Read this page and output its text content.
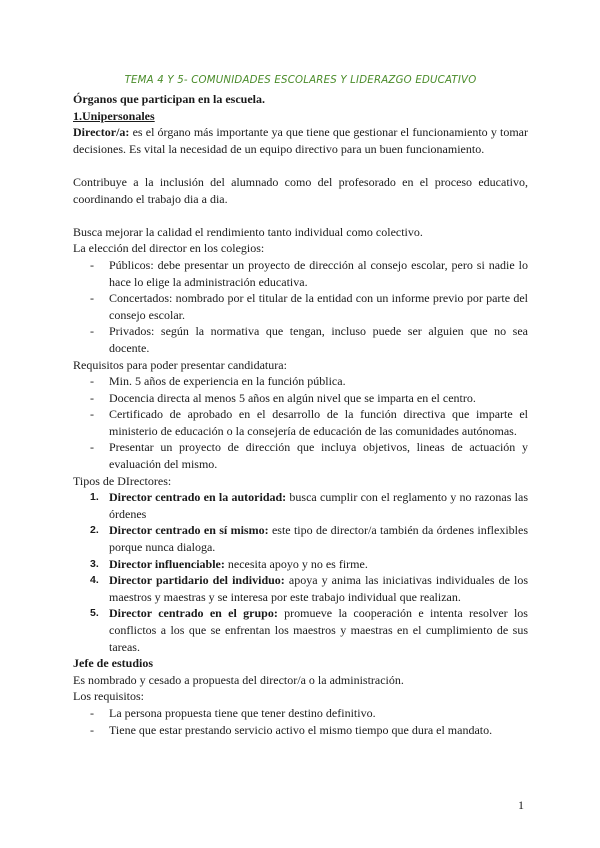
TEMA 4 Y 5- COMUNIDADES ESCOLARES Y LIDERAZGO EDUCATIVO

Órganos que participan en la escuela.

1.Unipersonales

Director/a: es el órgano más importante ya que tiene que gestionar el funcionamiento y tomar decisiones. Es vital la necesidad de un equipo directivo para un buen funcionamiento.

Contribuye a la inclusión del alumnado como del profesorado en el proceso educativo, coordinando el trabajo dia a dia.

Busca mejorar la calidad el rendimiento tanto individual como colectivo.

La elección del director en los colegios:

- Públicos: debe presentar un proyecto de dirección al consejo escolar, pero si nadie lo hace lo elige la administración educativa.
- Concertados: nombrado por el titular de la entidad con un informe previo por parte del consejo escolar.
- Privados: según la normativa que tengan, incluso puede ser alguien que no sea docente.

Requisitos para poder presentar candidatura:

- Min. 5 años de experiencia en la función pública.
- Docencia directa al menos 5 años en algún nivel que se imparta en el centro.
- Certificado de aprobado en el desarrollo de la función directiva que imparte el ministerio de educación o la consejería de educación de las comunidades autónomas.
- Presentar un proyecto de dirección que incluya objetivos, lineas de actuación y evaluación del mismo.

Tipos de DIrectores:

1. Director centrado en la autoridad: busca cumplir con el reglamento y no razonas las órdenes
2. Director centrado en sí mismo: este tipo de director/a también da órdenes inflexibles porque nunca dialoga.
3. Director influenciable: necesita apoyo y no es firme.
4. Director partidario del individuo: apoya y anima las iniciativas individuales de los maestros y maestras y se interesa por este trabajo individual que realizan.
5. Director centrado en el grupo: promueve la cooperación e intenta resolver los conflictos a los que se enfrentan los maestros y maestras en el cumplimiento de sus tareas.

Jefe de estudios

Es nombrado y cesado a propuesta del director/a o la administración.

Los requisitos:

- La persona propuesta tiene que tener destino definitivo.
- Tiene que estar prestando servicio activo el mismo tiempo que dura el mandato.
1
